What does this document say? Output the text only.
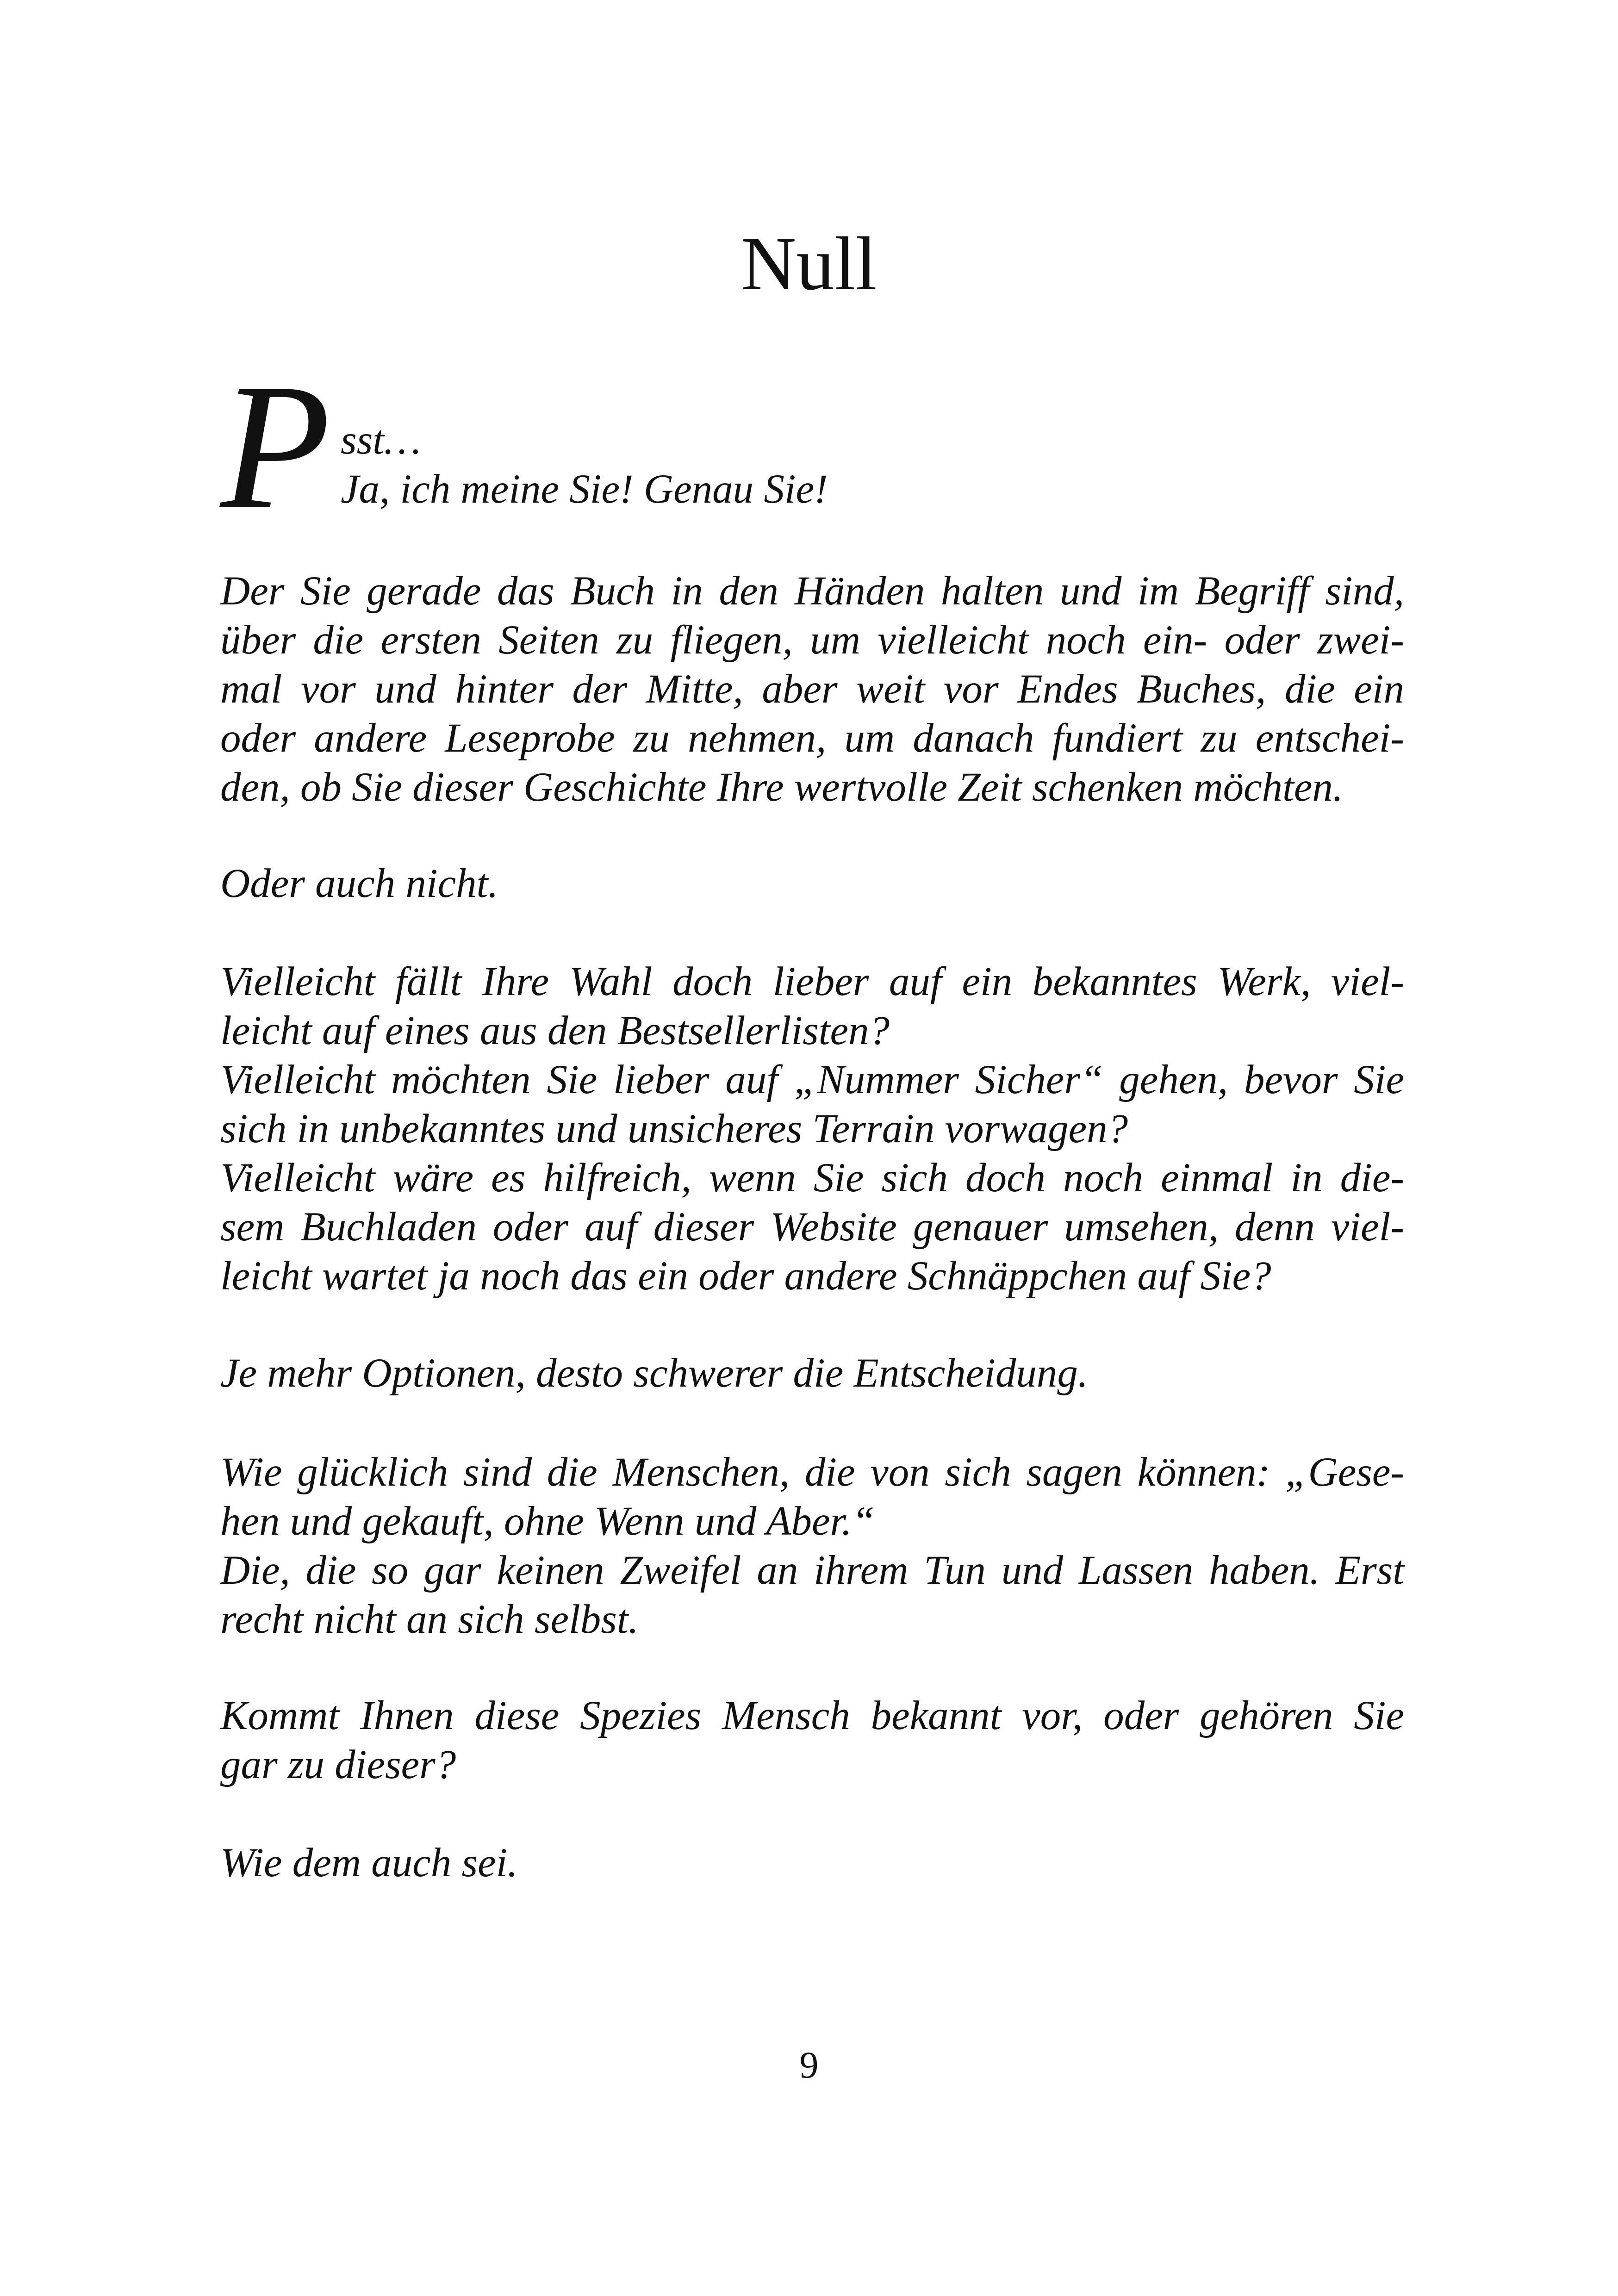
Null
P sst…
Ja, ich meine Sie! Genau Sie!
Der Sie gerade das Buch in den Händen halten und im Begriff sind,
über die ersten Seiten zu fliegen, um vielleicht noch ein- oder zwei-
mal vor und hinter der Mitte, aber weit vor Endes Buches, die ein
oder andere Leseprobe zu nehmen, um danach fundiert zu entschei-
den, ob Sie dieser Geschichte Ihre wertvolle Zeit schenken möchten.
Oder auch nicht.
Vielleicht fällt Ihre Wahl doch lieber auf ein bekanntes Werk, viel-
leicht auf eines aus den Bestsellerlisten?
Vielleicht möchten Sie lieber auf „Nummer Sicher“ gehen, bevor Sie
sich in unbekanntes und unsicheres Terrain vorwagen?
Vielleicht wäre es hilfreich, wenn Sie sich doch noch einmal in die-
sem Buchladen oder auf dieser Website genauer umsehen, denn viel-
leicht wartet ja noch das ein oder andere Schnäppchen auf Sie?
Je mehr Optionen, desto schwerer die Entscheidung.
Wie glücklich sind die Menschen, die von sich sagen können: „Gese-
hen und gekauft, ohne Wenn und Aber.“
Die, die so gar keinen Zweifel an ihrem Tun und Lassen haben. Erst
recht nicht an sich selbst.
Kommt Ihnen diese Spezies Mensch bekannt vor, oder gehören Sie
gar zu dieser?
Wie dem auch sei.
9
